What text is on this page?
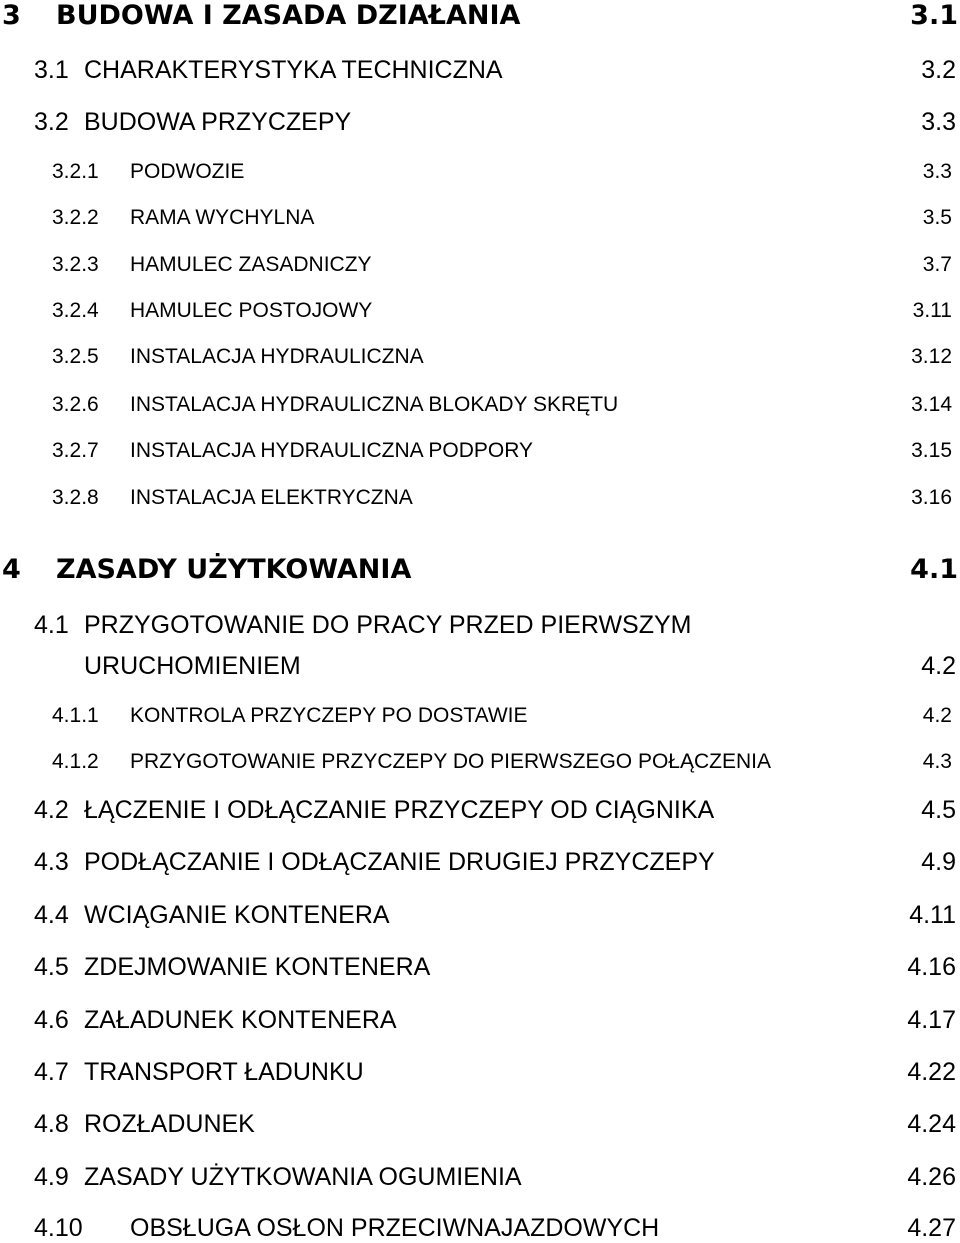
3 BUDOWA I ZASADA DZIAŁANIA	3.1
3.1 CHARAKTERYSTYKA TECHNICZNA	3.2
3.2 BUDOWA PRZYCZEPY	3.3
3.2.1 PODWOZIE	3.3
3.2.2 RAMA WYCHYLNA	3.5
3.2.3 HAMULEC ZASADNICZY	3.7
3.2.4 HAMULEC POSTOJOWY	3.11
3.2.5 INSTALACJA HYDRAULICZNA	3.12
3.2.6 INSTALACJA HYDRAULICZNA BLOKADY SKRĘTU	3.14
3.2.7 INSTALACJA HYDRAULICZNA PODPORY	3.15
3.2.8 INSTALACJA ELEKTRYCZNA	3.16
4 ZASADY UŻYTKOWANIA	4.1
4.1 PRZYGOTOWANIE DO PRACY PRZED PIERWSZYM
URUCHOMIENIEM	4.2
4.1.1 KONTROLA PRZYCZEPY PO DOSTAWIE	4.2
4.1.2 PRZYGOTOWANIE PRZYCZEPY DO PIERWSZEGO POŁĄCZENIA	4.3
4.2 ŁĄCZENIE I ODŁĄCZANIE PRZYCZEPY OD CIĄGNIKA	4.5
4.3 PODŁĄCZANIE I ODŁĄCZANIE DRUGIEJ PRZYCZEPY	4.9
4.4 WCIĄGANIE KONTENERA	4.11
4.5 ZDEJMOWANIE KONTENERA	4.16
4.6 ZAŁADUNEK KONTENERA	4.17
4.7 TRANSPORT ŁADUNKU	4.22
4.8 ROZŁADUNEK	4.24
4.9 ZASADY UŻYTKOWANIA OGUMIENIA	4.26
4.10 OBSŁUGA OSŁON PRZECIWNAJAZDOWYCH	4.27
